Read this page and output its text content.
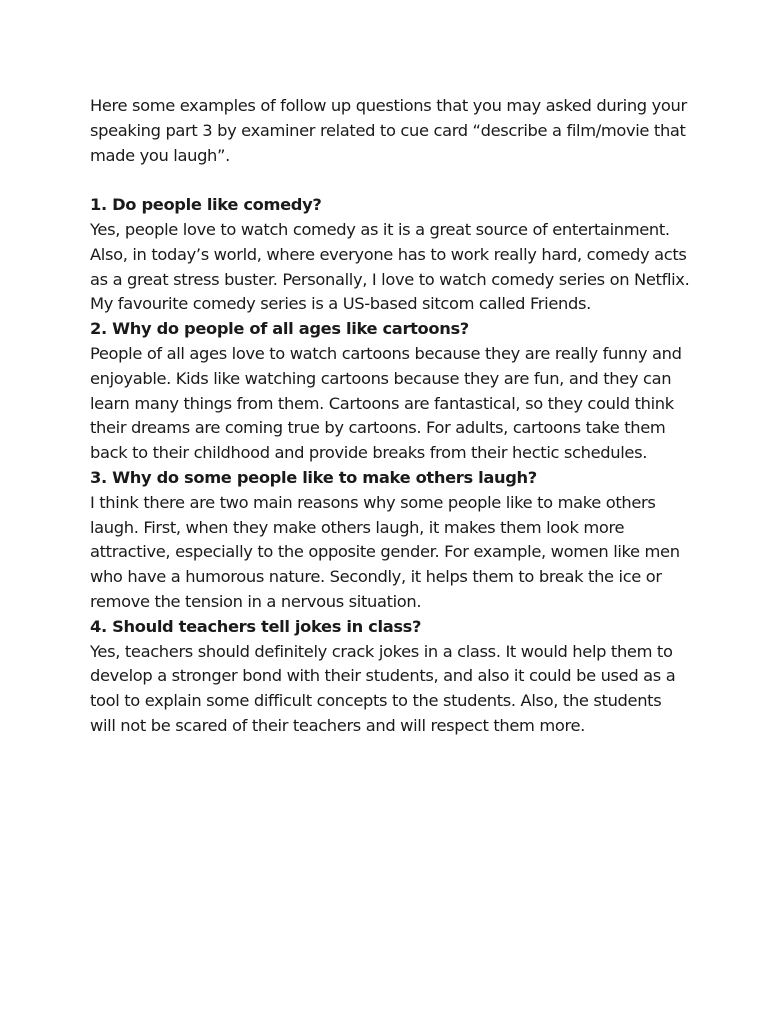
Here some examples of follow up questions that you may asked during your speaking part 3 by examiner related to cue card “describe a film/movie that made you laugh”.

1. Do people like comedy?

Yes, people love to watch comedy as it is a great source of entertainment. Also, in today’s world, where everyone has to work really hard, comedy acts as a great stress buster. Personally, I love to watch comedy series on Netflix. My favourite comedy series is a US-based sitcom called Friends.

2. Why do people of all ages like cartoons?

People of all ages love to watch cartoons because they are really funny and enjoyable. Kids like watching cartoons because they are fun, and they can learn many things from them. Cartoons are fantastical, so they could think their dreams are coming true by cartoons. For adults, cartoons take them back to their childhood and provide breaks from their hectic schedules.

3. Why do some people like to make others laugh?

I think there are two main reasons why some people like to make others laugh. First, when they make others laugh, it makes them look more attractive, especially to the opposite gender. For example, women like men who have a humorous nature. Secondly, it helps them to break the ice or remove the tension in a nervous situation.

4. Should teachers tell jokes in class?

Yes, teachers should definitely crack jokes in a class. It would help them to develop a stronger bond with their students, and also it could be used as a tool to explain some difficult concepts to the students. Also, the students will not be scared of their teachers and will respect them more.
